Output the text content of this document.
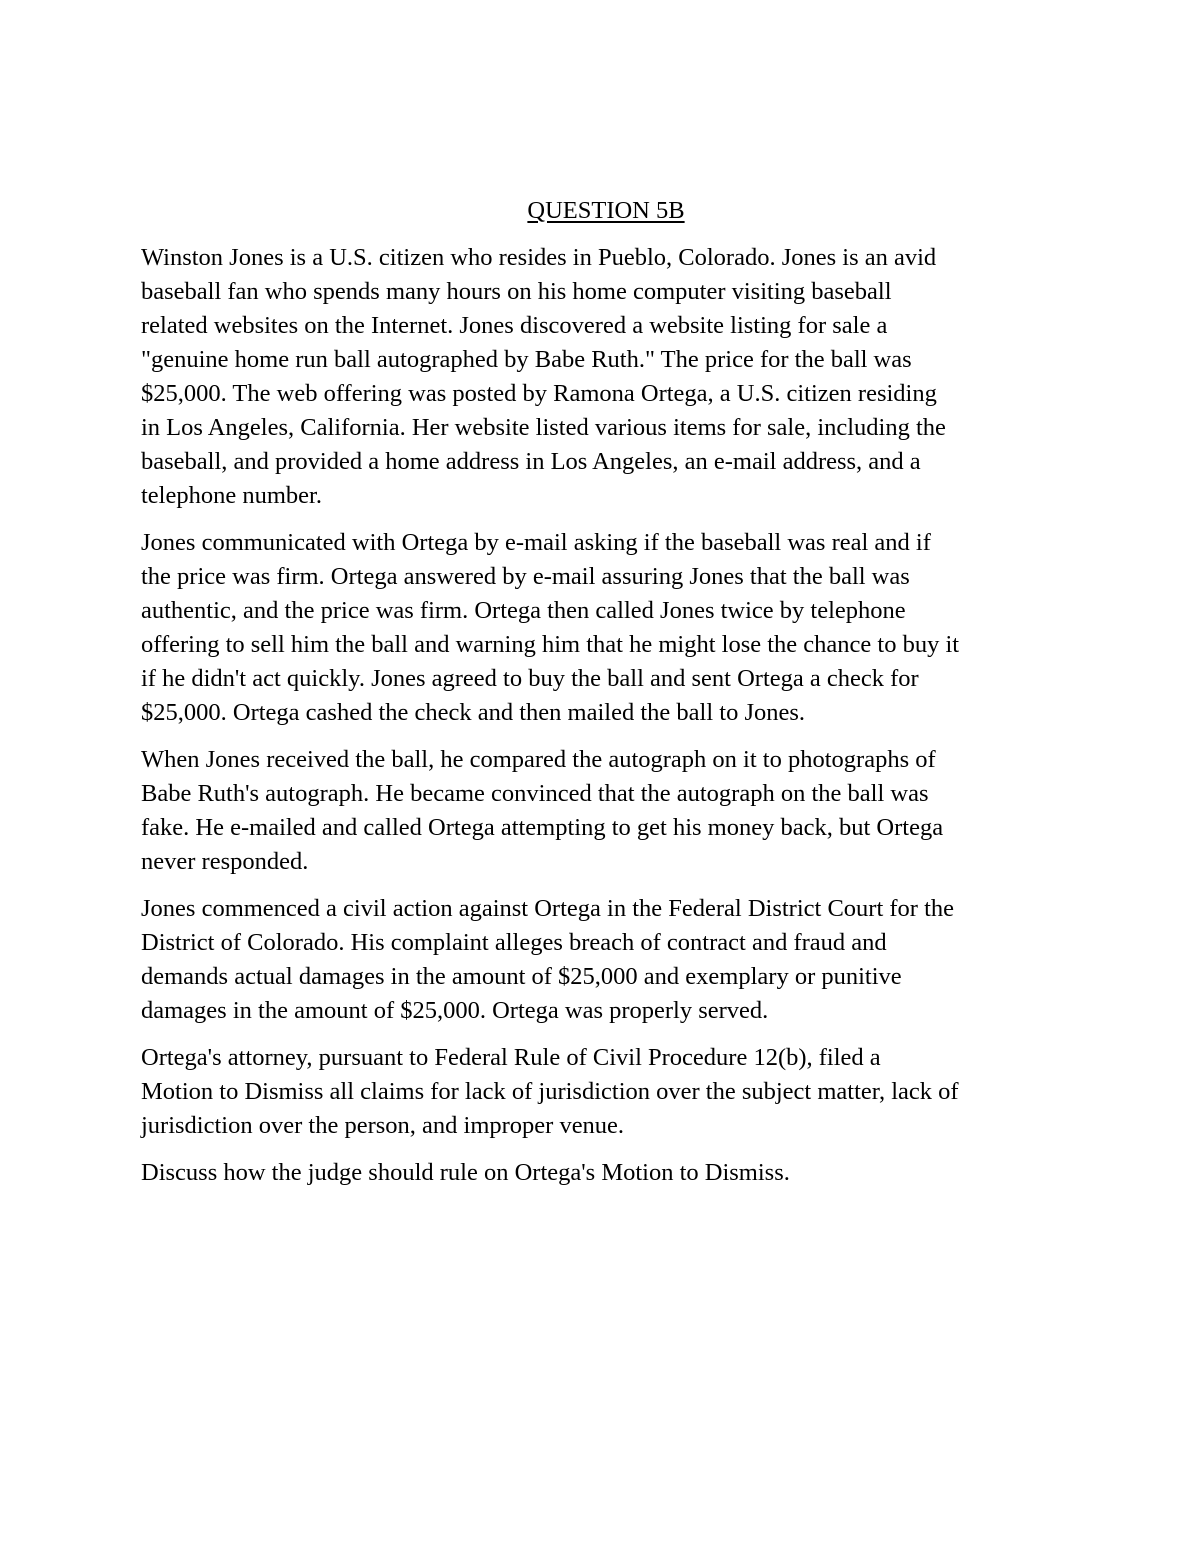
QUESTION 5B
Winston Jones is a U.S. citizen who resides in Pueblo, Colorado. Jones is an avid
baseball fan who spends many hours on his home computer visiting baseball
related websites on the Internet. Jones discovered a website listing for sale a
"genuine home run ball autographed by Babe Ruth." The price for the ball was
$25,000. The web offering was posted by Ramona Ortega, a U.S. citizen residing
in Los Angeles, California. Her website listed various items for sale, including the
baseball, and provided a home address in Los Angeles, an e-mail address, and a
telephone number.
Jones communicated with Ortega by e-mail asking if the baseball was real and if
the price was firm. Ortega answered by e-mail assuring Jones that the ball was
authentic, and the price was firm. Ortega then called Jones twice by telephone
offering to sell him the ball and warning him that he might lose the chance to buy it
if he didn't act quickly. Jones agreed to buy the ball and sent Ortega a check for
$25,000. Ortega cashed the check and then mailed the ball to Jones.
When Jones received the ball, he compared the autograph on it to photographs of
Babe Ruth's autograph. He became convinced that the autograph on the ball was
fake. He e-mailed and called Ortega attempting to get his money back, but Ortega
never responded.
Jones commenced a civil action against Ortega in the Federal District Court for the
District of Colorado. His complaint alleges breach of contract and fraud and
demands actual damages in the amount of $25,000 and exemplary or punitive
damages in the amount of $25,000. Ortega was properly served.
Ortega's attorney, pursuant to Federal Rule of Civil Procedure 12(b), filed a
Motion to Dismiss all claims for lack of jurisdiction over the subject matter, lack of
jurisdiction over the person, and improper venue.
Discuss how the judge should rule on Ortega's Motion to Dismiss.
